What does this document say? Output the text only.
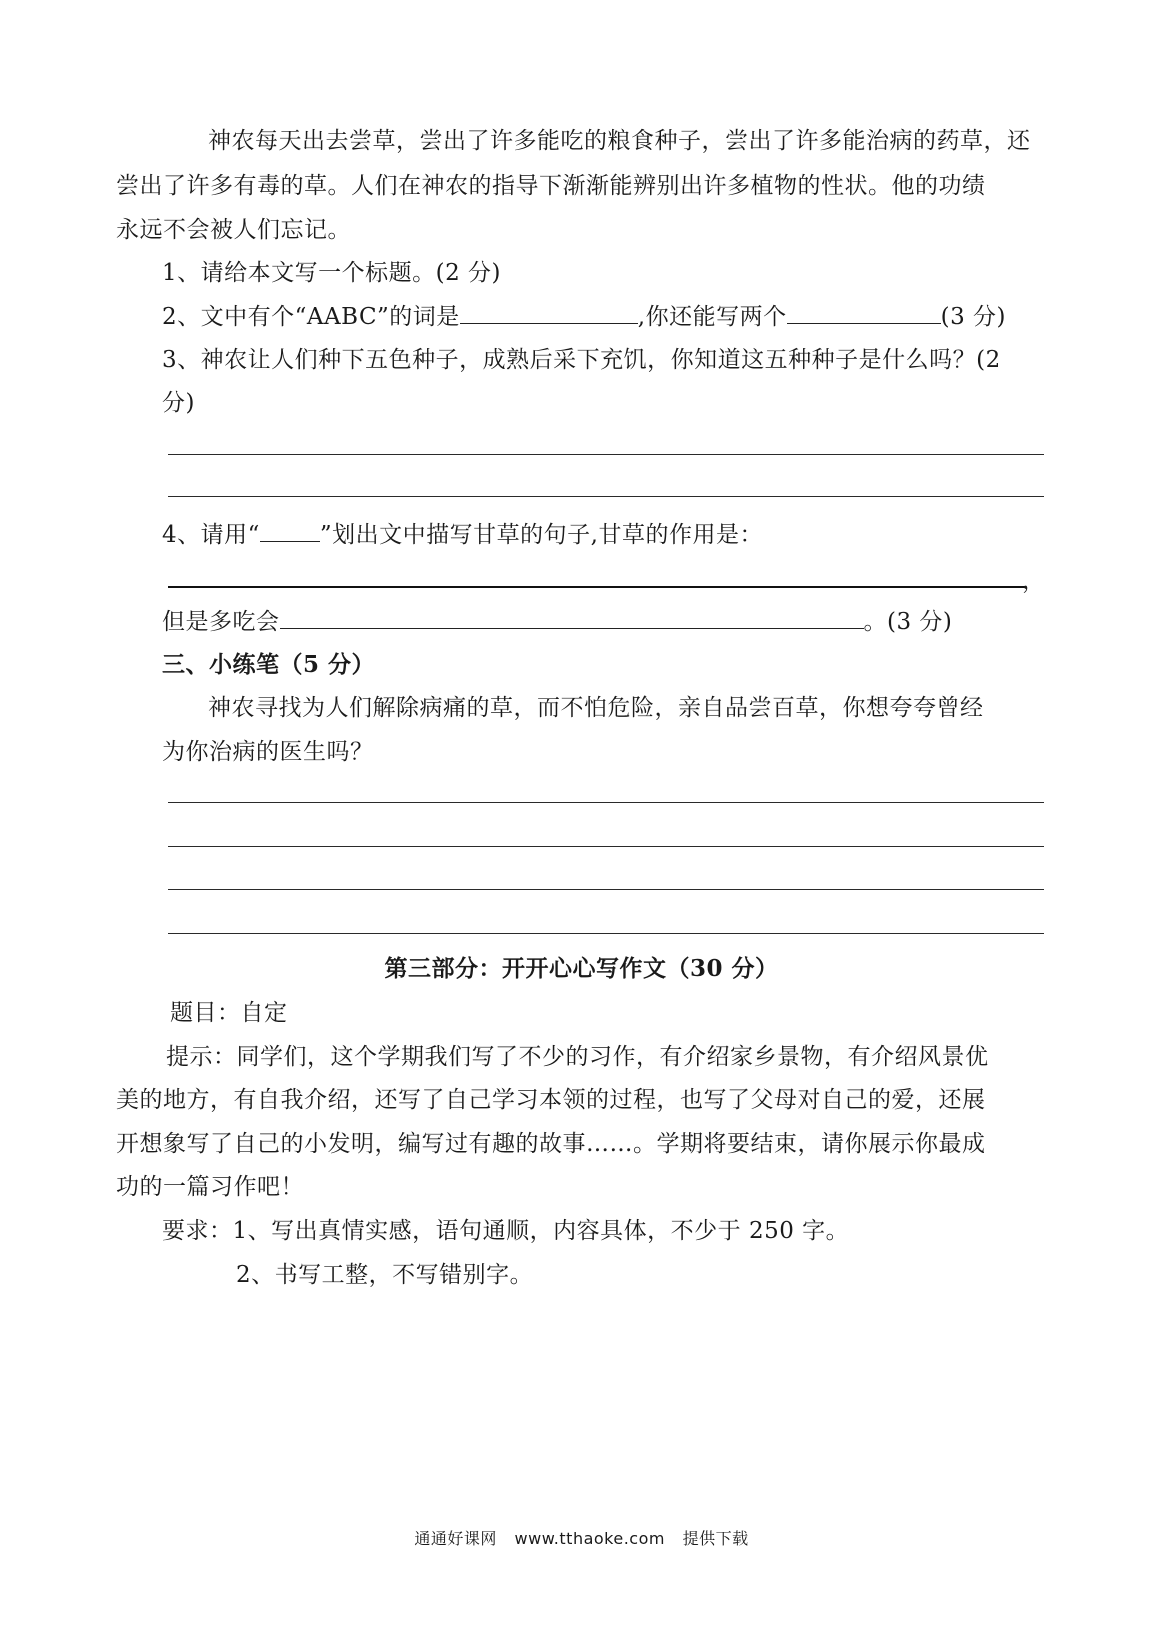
神农每天出去尝草，尝出了许多能吃的粮食种子，尝出了许多能治病的药草，还
尝出了许多有毒的草。人们在神农的指导下渐渐能辨别出许多植物的性状。他的功绩
永远不会被人们忘记。
1、请给本文写一个标题。(2 分)
2、文中有个“AABC”的词是	,你还能写两个	(3 分)
3、神农让人们种下五色种子，成熟后采下充饥，你知道这五种种子是什么吗？(2
分)
4、请用“	”划出文中描写甘草的句子,甘草的作用是：
，
但是多吃会	。(3 分)
三、小练笔（5 分）
神农寻找为人们解除病痛的草，而不怕危险，亲自品尝百草，你想夸夸曾经
为你治病的医生吗？
第三部分：开开心心写作文（30 分）
题目：自定
提示：同学们，这个学期我们写了不少的习作，有介绍家乡景物，有介绍风景优
美的地方，有自我介绍，还写了自己学习本领的过程，也写了父母对自己的爱，还展
开想象写了自己的小发明，编写过有趣的故事……。学期将要结束，请你展示你最成
功的一篇习作吧！
要求：1、写出真情实感，语句通顺，内容具体，不少于 250 字。
2、书写工整，不写错别字。
通通好课网 www.tthaoke.com 提供下载
